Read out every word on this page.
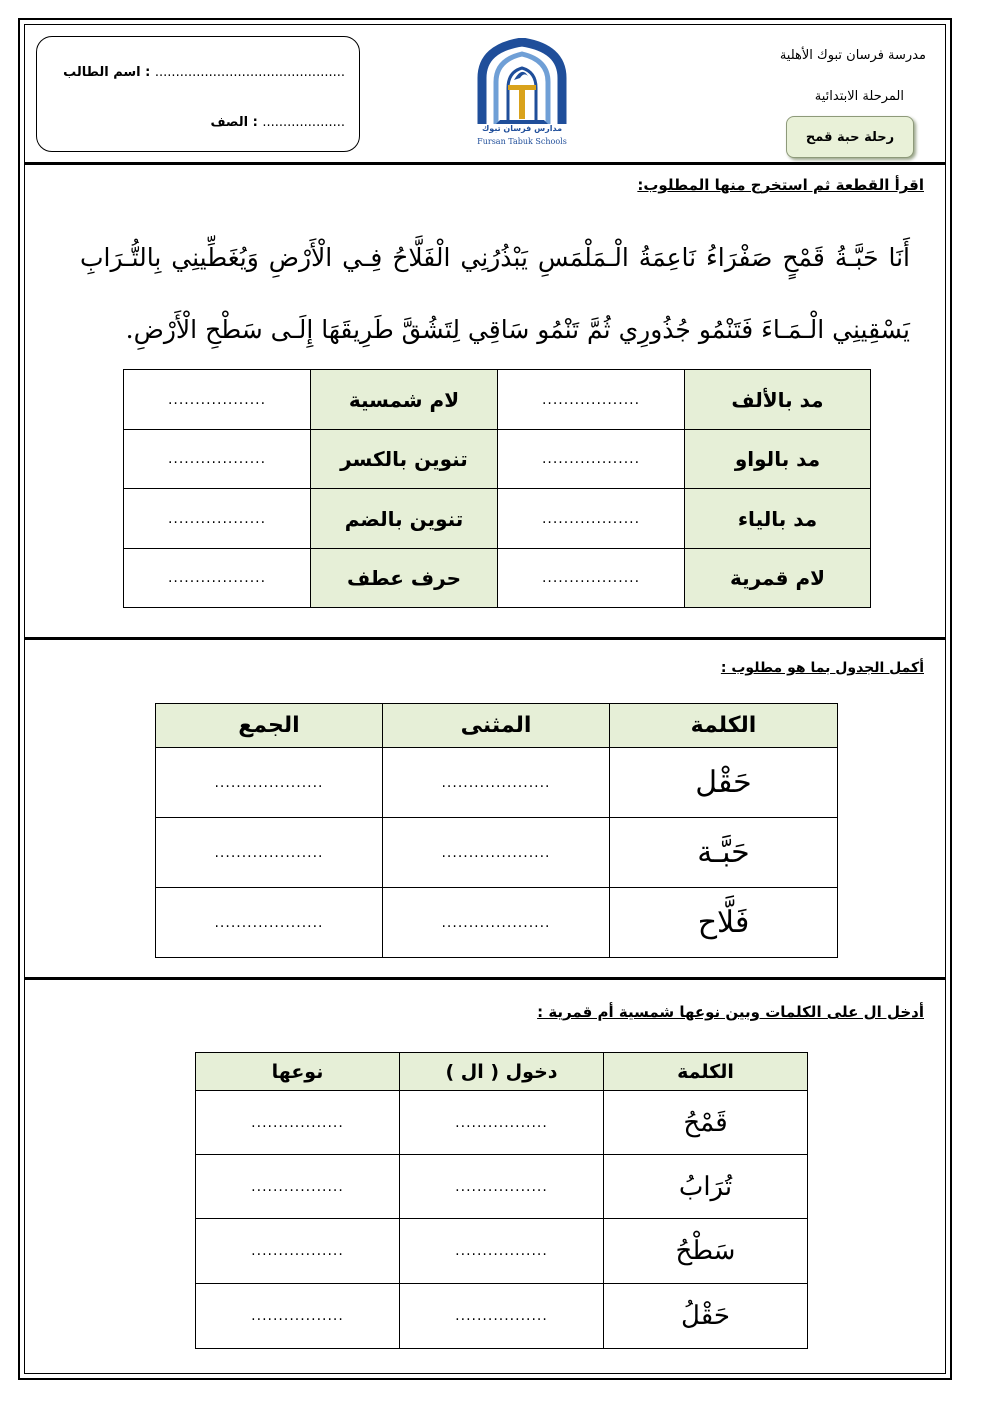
اسم الطالب : ..............................................
الصف : ....................	مدارس فرسان تبوك
Fursan Tabuk Schools
مدرسة فرسان تبوك الأهلية
المرحلة الابتدائية
رحلة حبة قمح
اقرأ القطعة ثم استخرج منها المطلوب:
أَنَا حَبَّـةُ قَمْحٍ صَفْرَاءُ نَاعِمَةُ الْـمَلْمَسِ يَبْذُرُنِي الْفَلَّاحُ فِـي الْأَرْضِ وَيُغَطِّينِي بِالتُّـرَابِ
يَسْقِينِي الْـمَـاءَ فَتَنْمُو جُذُورِي ثُمَّ تَنْمُو سَاقِي لِتَشُقَّ طَرِيقَهَا إِلَـى سَطْحِ الْأَرْضِ.
مد بالألف	..................	لام شمسية	..................
مد بالواو	..................	تنوين بالكسر	..................
مد بالياء	..................	تنوين بالضم	..................
لام قمرية	..................	حرف عطف	..................
أكمل الجدول بما هو مطلوب :
الكلمة	المثنى	الجمع
حَقْل	....................	....................
حَبَّـة	....................	....................
فَلَّاح	....................	....................
أدخل ال على الكلمات وبين نوعها شمسية أم قمرية :
الكلمة	دخول ( ال )	نوعها
قَمْحُ	.................	.................
تُرَابُ	.................	.................
سَطْحُ	.................	.................
حَقْلُ	.................	.................
